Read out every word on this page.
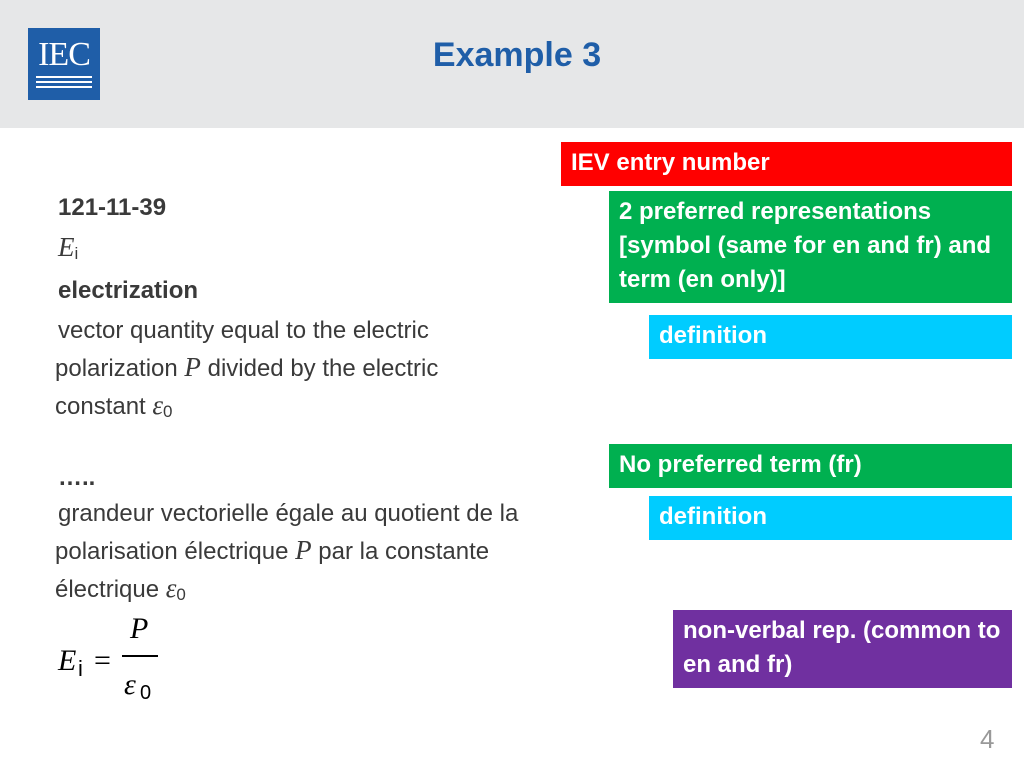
IEC	Example 3
121-11-39
Ei
electrization
vector quantity equal to the electric
polarization P divided by the electric
constant ε0
…..
grandeur vectorielle égale au quotient de la
polarisation électrique P par la constante
électrique ε0
E i =
P
ε 0
IEV entry number
2 preferred representations [symbol (same for en and fr) and term (en only)]
definition
No preferred term (fr)
definition
non-verbal rep. (common to en and fr)
4
